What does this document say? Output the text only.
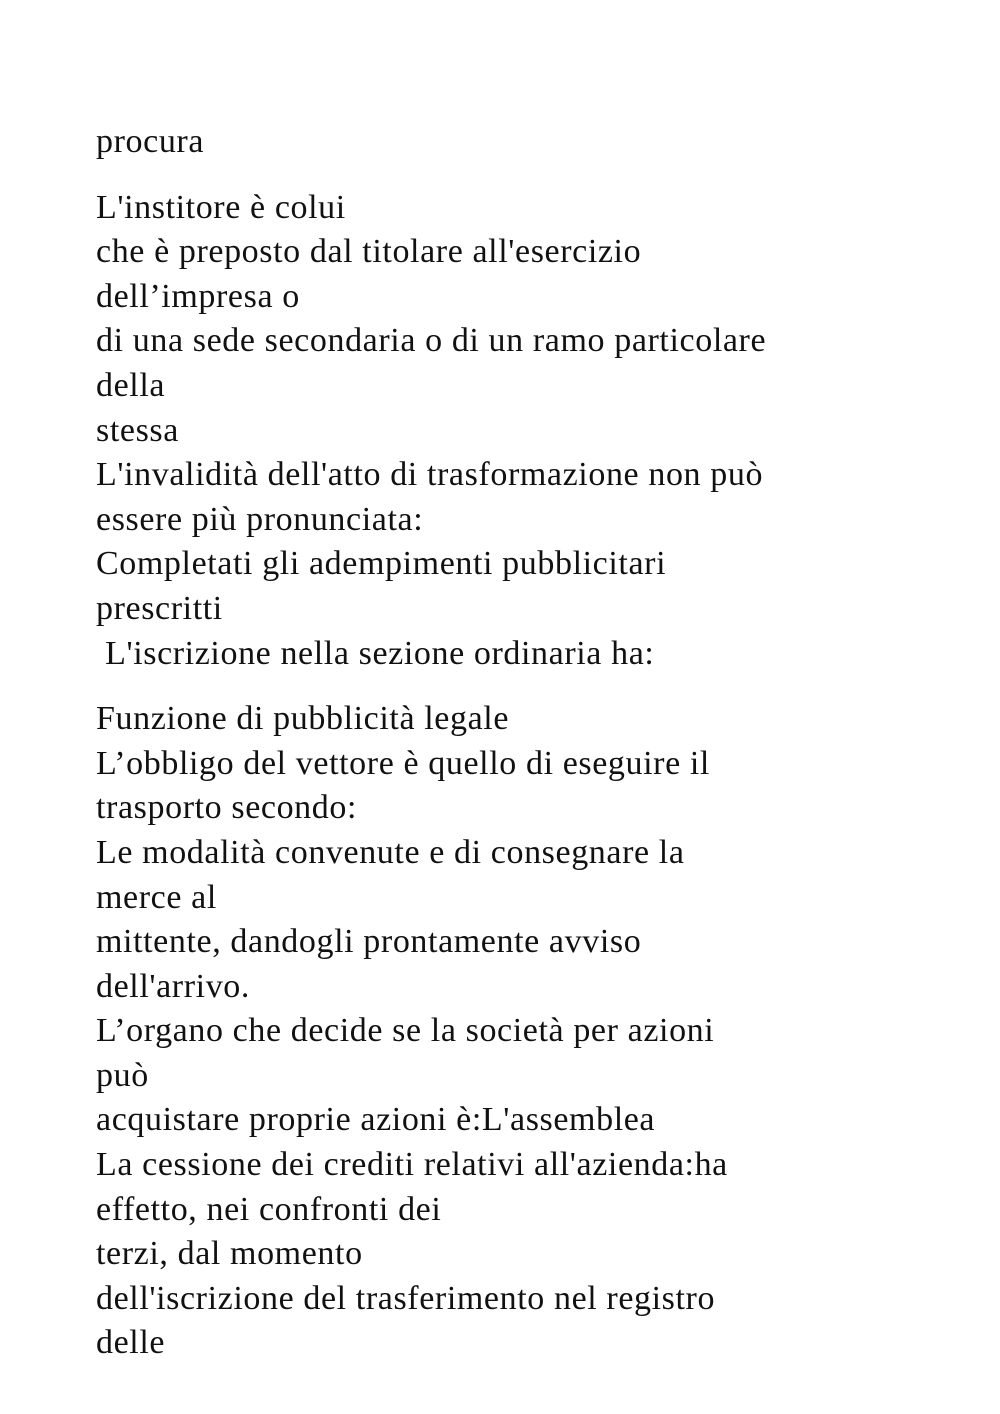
procura
L'institore è colui
che è preposto dal titolare all'esercizio
dell’impresa o
di una sede secondaria o di un ramo particolare
della
stessa
L'invalidità dell'atto di trasformazione non può
essere più pronunciata:
Completati gli adempimenti pubblicitari
prescritti
L'iscrizione nella sezione ordinaria ha:
Funzione di pubblicità legale
L’obbligo del vettore è quello di eseguire il
trasporto secondo:
Le modalità convenute e di consegnare la
merce al
mittente, dandogli prontamente avviso
dell'arrivo.
L’organo che decide se la società per azioni
può
acquistare proprie azioni è:L'assemblea
La cessione dei crediti relativi all'azienda:ha
effetto, nei confronti dei
terzi, dal momento
dell'iscrizione del trasferimento nel registro
delle
